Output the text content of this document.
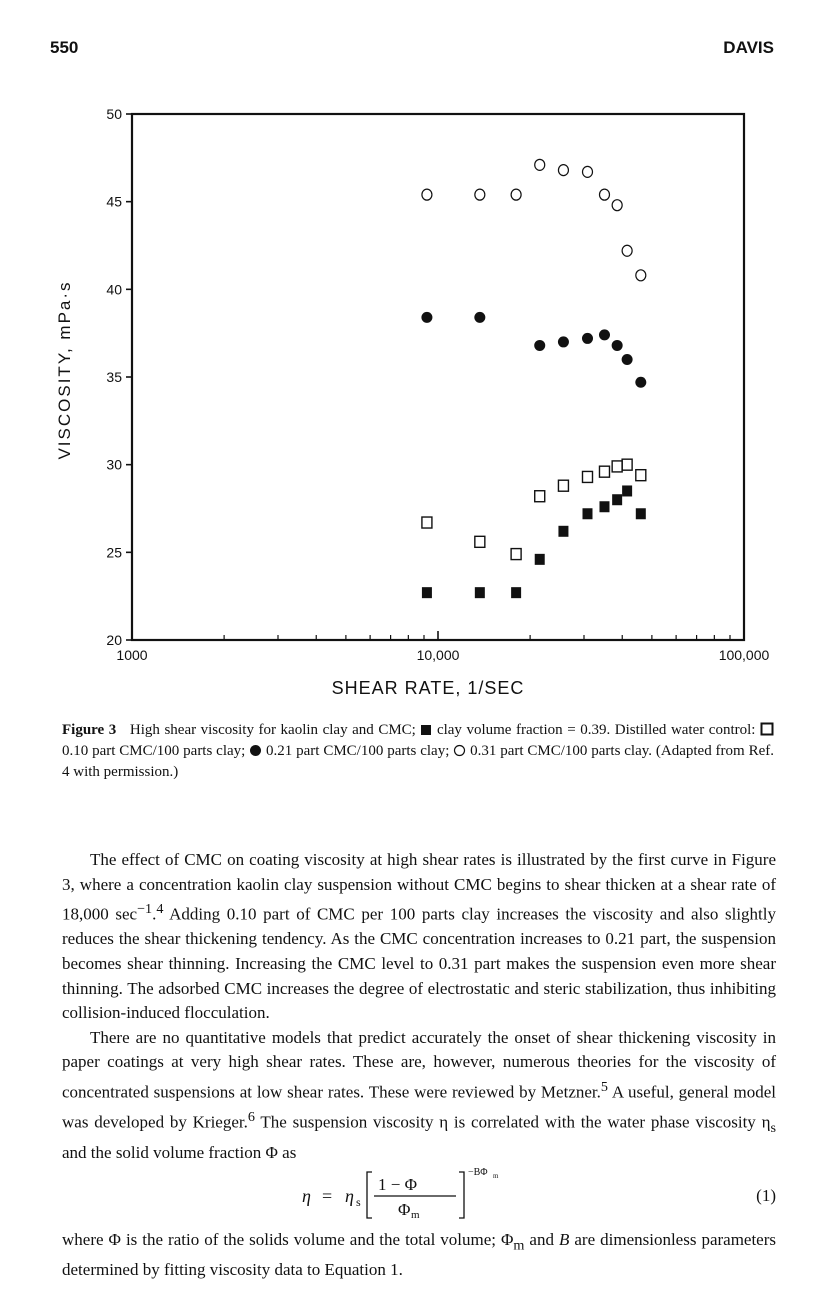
550	DAVIS
20
25
30
35
40
45
50
1000	10,000	100,000
VISCOSITY, mPa·s
SHEAR RATE, 1/SEC
Figure 3 High shear viscosity for kaolin clay and CMC; clay volume fraction = 0.39. Distilled water control:  0.10 part CMC/100 parts clay; 0.21 part CMC/100 parts clay; 0.31 part CMC/100 parts clay. (Adapted from Ref. 4 with permission.)

The effect of CMC on coating viscosity at high shear rates is illustrated by the first curve in Figure 3, where a concentration kaolin clay suspension without CMC begins to shear thicken at a shear rate of 18,000 $\sec^{-1}.^4$ Adding 0.10 part of CMC per 100 parts clay increases the viscosity and also slightly reduces the shear thickening tendency. As the CMC concentration increases to 0.21 part, the suspension becomes shear thinning. Increasing the CMC level to 0.31 part makes the suspension even more shear thinning. The adsorbed CMC increases the degree of electrostatic and steric stabilization, thus inhibiting collision-induced flocculation.

There are no quantitative models that predict accurately the onset of shear thickening viscosity in paper coatings at very high shear rates. These are, however, numerous theories for the viscosity of concentrated suspensions at low shear rates. These were reviewed by Metzner.$^5$ A useful, general model was developed by Krieger.$^6$ The suspension viscosity η is correlated with the water phase viscosity $\eta_s$ and the solid volume fraction Φ as

η = η s
1 − Φ
Φ m
−BΦ m
(1)

where Φ is the ratio of the solids volume and the total volume; $\Phi_m$ and B are dimensionless parameters determined by fitting viscosity data to Equation 1.
